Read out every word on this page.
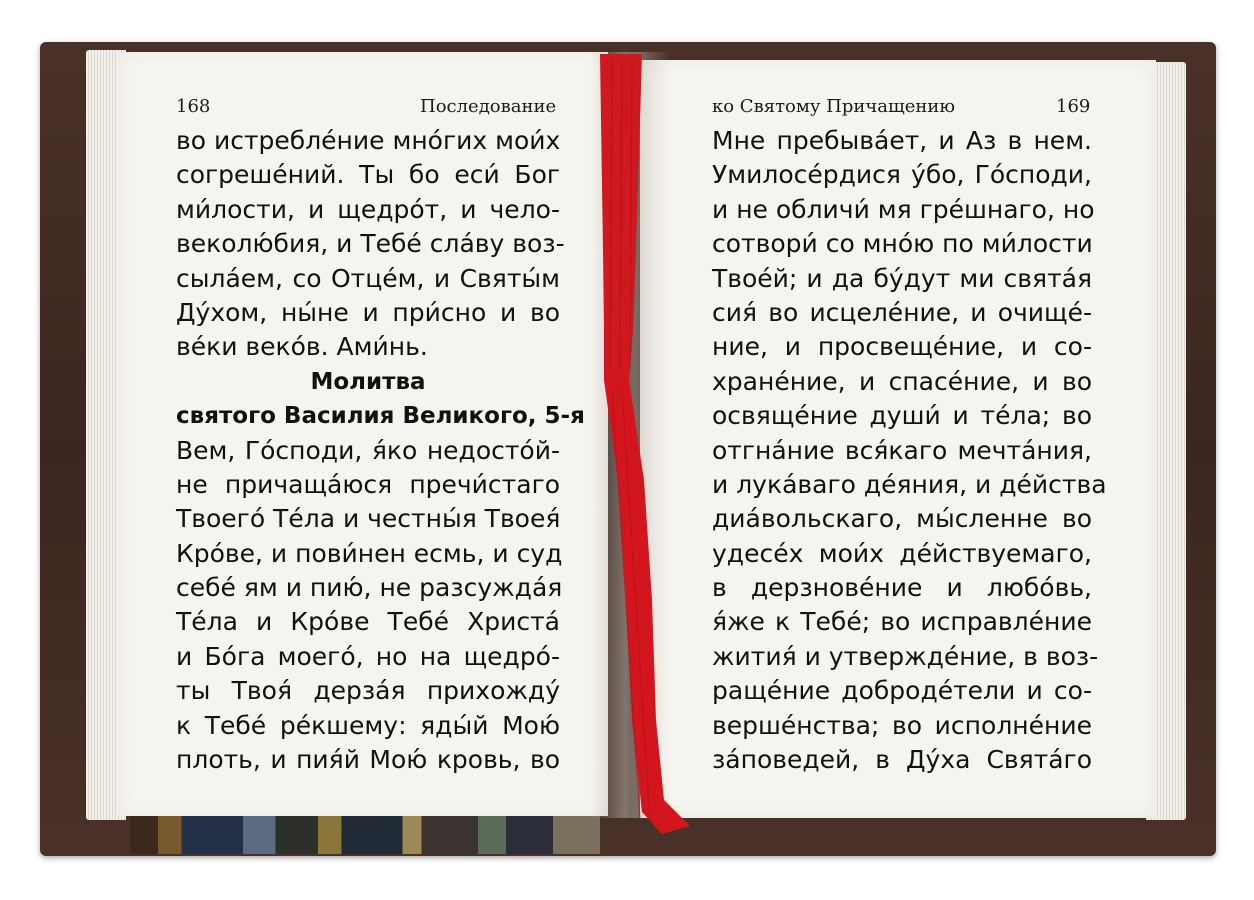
168	Последование	ко Святому Причащению	169
во истребле́ние мно́гих мои́х
согреше́ний. Ты бо еси́ Бог
ми́лости, и щедро́т, и чело-
веколю́бия, и Тебе́ сла́ву воз-
сыла́ем, со Отце́м, и Святы́м
Ду́хом, ны́не и при́сно и во
ве́ки веко́в. Ами́нь.
Молитва
святого Василия Великого, 5-я
Вем, Го́споди, я́ко недосто́й-
не причаща́юся пречи́стаго
Твоего́ Те́ла и честны́я Твоея́
Кро́ве, и пови́нен есмь, и суд
себе́ ям и пию́, не разсужда́я
Те́ла и Кро́ве Тебе́ Христа́
и Бо́га моего́, но на щедро́-
ты Твоя́ дерза́я прихожду́
к Тебе́ ре́кшему: яды́й Мою́
плоть, и пия́й Мою́ кровь, во
Мне пребыва́ет, и Аз в нем.
Умилосе́рдися у́бо, Го́споди,
и не обличи́ мя гре́шнаго, но
сотвори́ со мно́ю по ми́лости
Твое́й; и да бу́дут ми свята́я
сия́ во исцеле́ние, и очище́-
ние, и просвеще́ние, и со-
хране́ние, и спасе́ние, и во
освяще́ние души́ и те́ла; во
отгна́ние вся́каго мечта́ния,
и лука́ваго де́яния, и де́йства
диа́вольскаго, мы́сленне во
удесе́х мои́х де́йствуемаго,
в дерзнове́ние и любо́вь,
я́же к Тебе́; во исправле́ние
жития́ и утвержде́ние, в воз-
раще́ние доброде́тели и со-
верше́нства; во исполне́ние
за́поведей, в Ду́ха Свята́го
